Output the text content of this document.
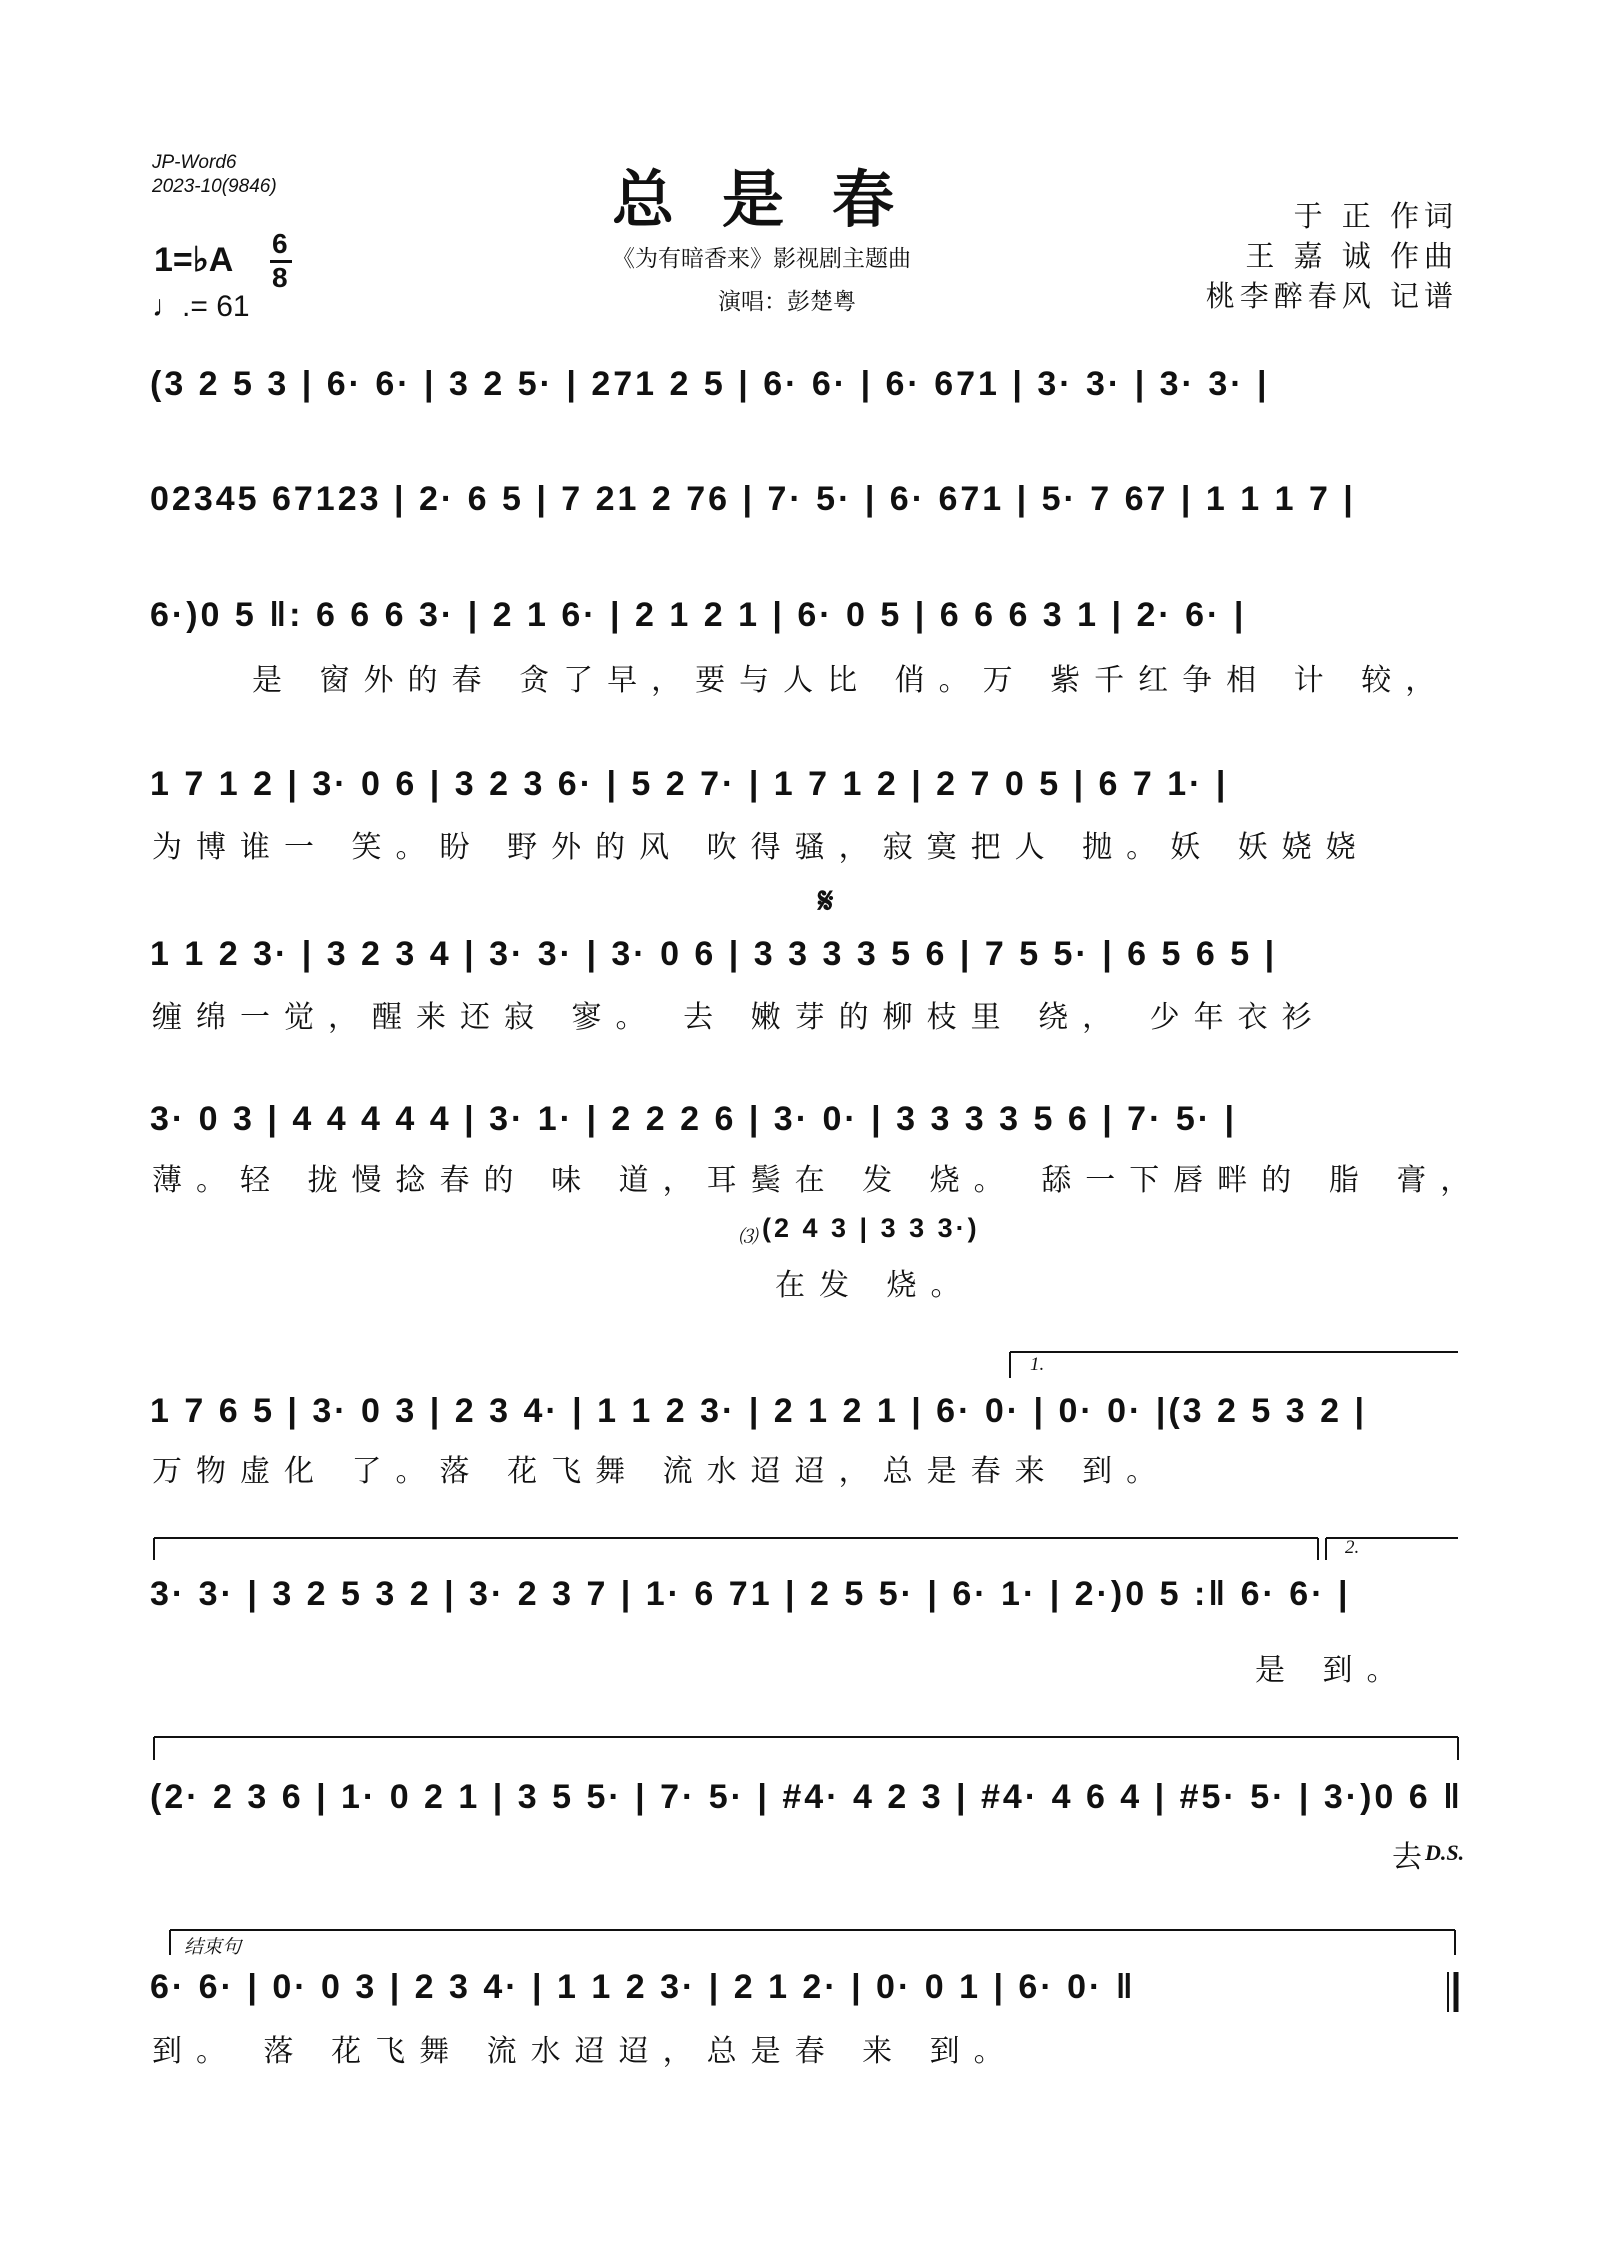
JP-Word6
2023-10(9846)	总是春
《为有暗香来》影视剧主题曲
演唱：彭楚粤
于 正 作词
王 嘉 诚 作曲
桃李醉春风 记谱
1=♭A 6
8
♩.= 61
(3 2 5 3 | 6· 6· | 3 2 5· | 271 2 5 | 6· 6· | 6· 671 | 3· 3· | 3· 3· |
02345 67123 | 2· 6 5 | 7 21 2 76 | 7· 5· | 6· 671 | 5· 7 67 | 1 1 1 7 |
6·)0 5 ‖: 6 6 6 3· | 2 1 6· | 2 1 2 1 | 6· 0 5 | 6 6 6 3 1 | 2· 6· |
是 窗外的春 贪了早，要与人比 俏。万 紫千红争相 计 较，
1 7 1 2 | 3· 0 6 | 3 2 3 6· | 5 2 7· | 1 7 1 2 | 2 7 0 5 | 6 7 1· |
为博谁一 笑。盼 野外的风 吹得骚，寂寞把人 抛。妖 妖娆娆
𝄋
1 1 2 3· | 3 2 3 4 | 3· 3· | 3· 0 6 | 3 3 3 3 5 6 | 7 5 5· | 6 5 6 5 |
缠绵一觉，醒来还寂 寥。 去 嫩芽的柳枝里 绕， 少年衣衫
3· 0 3 | 4 4 4 4 4 | 3· 1· | 2 2 2 6 | 3· 0· | 3 3 3 3 5 6 | 7· 5· |
薄。轻 拢慢捻春的 味 道，耳鬓在 发 烧。 舔一下唇畔的 脂 膏，
⑶ (2 4 3 | 3 3 3·)
在发 烧。
1.
1 7 6 5 | 3· 0 3 | 2 3 4· | 1 1 2 3· | 2 1 2 1 | 6· 0· | 0· 0· |(3 2 5 3 2 |
万物虚化 了。落 花飞舞 流水迢迢，总是春来 到。
2.
3· 3· | 3 2 5 3 2 | 3· 2 3 7 | 1· 6 71 | 2 5 5· | 6· 1· | 2·)0 5 :‖ 6· 6· |
是 到。
(2· 2 3 6 | 1· 0 2 1 | 3 5 5· | 7· 5· | #4· 4 2 3 | #4· 4 6 4 | #5· 5· | 3·)0 6 ‖
去
D.S.
结束句
6· 6· | 0· 0 3 | 2 3 4· | 1 1 2 3· | 2 1 2· | 0· 0 1 | 6· 0· ‖
到。 落 花飞舞 流水迢迢，总是春 来 到。
